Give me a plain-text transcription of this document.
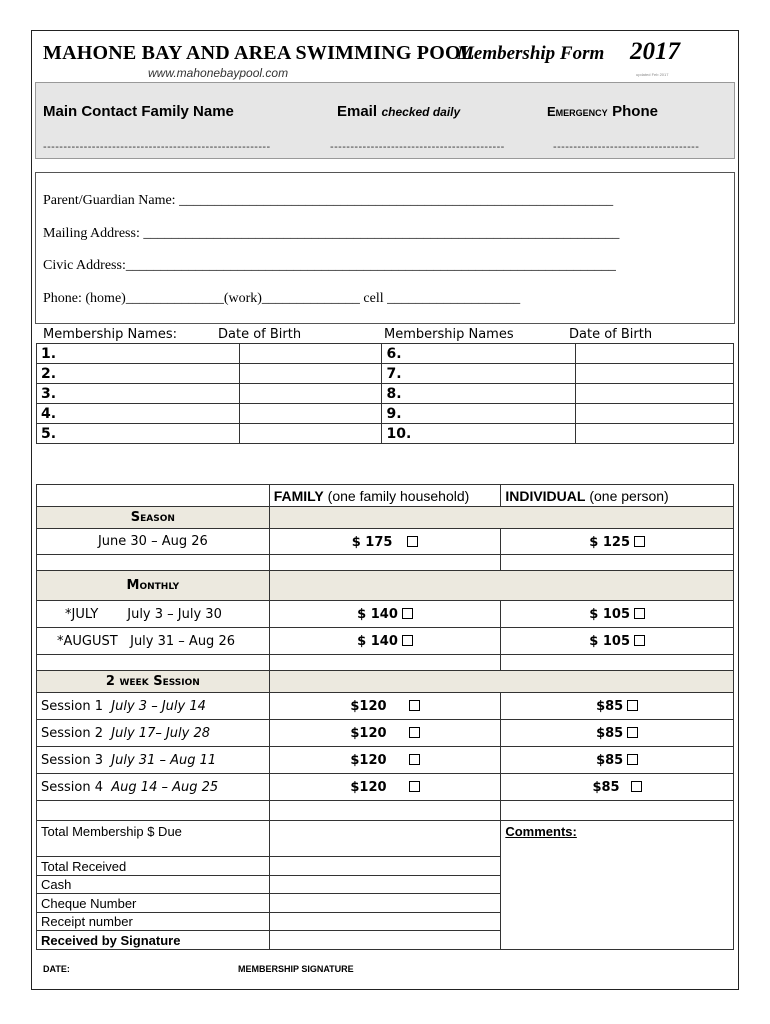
MAHONE BAY AND AREA SWIMMING POOL
Membership Form 2017
www.mahonebaypool.com	updated Feb 2017
Main Contact Family Name	Email checked daily	Emergency Phone
--------------------------------------------------------	-------------------------------------------	------------------------------------
Parent/Guardian Name: ______________________________________________________________
Mailing Address: ____________________________________________________________________
Civic Address:______________________________________________________________________
Phone: (home)______________(work)______________ cell ___________________
Membership Names:	Date of Birth	Membership Names	Date of Birth
1.		6.	
2.		7.	
3.		8.	
4.		9.	
5.		10.	
	FAMILY (one family household)	INDIVIDUAL (one person)
Season		
June 30 – Aug 26	$ 175	$ 125

Monthly		
*JULY July 3 – July 30	$ 140	$ 105
*AUGUST July 31 – Aug 26	$ 140	$ 105

2 week Session		
Session 1 July 3 – July 14	$120	$85
Session 2 July 17– July 28	$120	$85
Session 3 July 31 – Aug 11	$120	$85
Session 4 Aug 14 – Aug 25	$120	$85

Total Membership $ Due		Comments:
Total Received		
Cash		
Cheque Number		
Receipt number		
Received by Signature		
DATE:	MEMBERSHIP SIGNATURE
